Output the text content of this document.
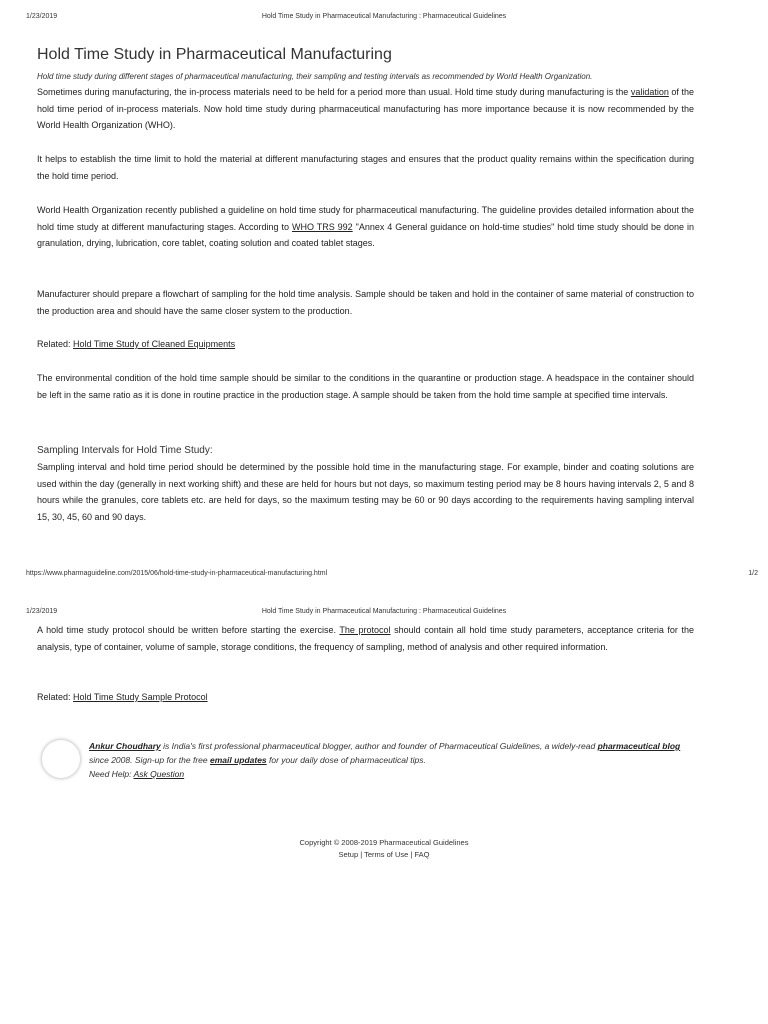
1/23/2019	Hold Time Study in Pharmaceutical Manufacturing : Pharmaceutical Guidelines
Hold Time Study in Pharmaceutical Manufacturing

Hold time study during different stages of pharmaceutical manufacturing, their sampling and testing intervals as recommended by World Health Organization.

Sometimes during manufacturing, the in-process materials need to be held for a period more than usual. Hold time study during manufacturing is the validation of the hold time period of in-process materials. Now hold time study during pharmaceutical manufacturing has more importance because it is now recommended by the World Health Organization (WHO).

It helps to establish the time limit to hold the material at different manufacturing stages and ensures that the product quality remains within the specification during the hold time period.

World Health Organization recently published a guideline on hold time study for pharmaceutical manufacturing. The guideline provides detailed information about the hold time study at different manufacturing stages. According to WHO TRS 992 "Annex 4 General guidance on hold-time studies" hold time study should be done in granulation, drying, lubrication, core tablet, coating solution and coated tablet stages.

Manufacturer should prepare a flowchart of sampling for the hold time analysis. Sample should be taken and hold in the container of same material of construction to the production area and should have the same closer system to the production.

Related: Hold Time Study of Cleaned Equipments

The environmental condition of the hold time sample should be similar to the conditions in the quarantine or production stage. A headspace in the container should be left in the same ratio as it is done in routine practice in the production stage. A sample should be taken from the hold time sample at specified time intervals.

Sampling Intervals for Hold Time Study:

Sampling interval and hold time period should be determined by the possible hold time in the manufacturing stage. For example, binder and coating solutions are used within the day (generally in next working shift) and these are held for hours but not days, so maximum testing period may be 8 hours having intervals 2, 5 and 8 hours while the granules, core tablets etc. are held for days, so the maximum testing may be 60 or 90 days according to the requirements having sampling interval 15, 30, 45, 60 and 90 days.

https://www.pharmaguideline.com/2015/06/hold-time-study-in-pharmaceutical-manufacturing.html	1/2
1/23/2019	Hold Time Study in Pharmaceutical Manufacturing : Pharmaceutical Guidelines

A hold time study protocol should be written before starting the exercise. The protocol should contain all hold time study parameters, acceptance criteria for the analysis, type of container, volume of sample, storage conditions, the frequency of sampling, method of analysis and other required information.

Related: Hold Time Study Sample Protocol

Ankur Choudhary is India's first professional pharmaceutical blogger, author and founder of Pharmaceutical Guidelines, a widely-read pharmaceutical blog since 2008. Sign-up for the free email updates for your daily dose of pharmaceutical tips.
Need Help: Ask Question

Copyright © 2008-2019 Pharmaceutical Guidelines
Setup | Terms of Use | FAQ
